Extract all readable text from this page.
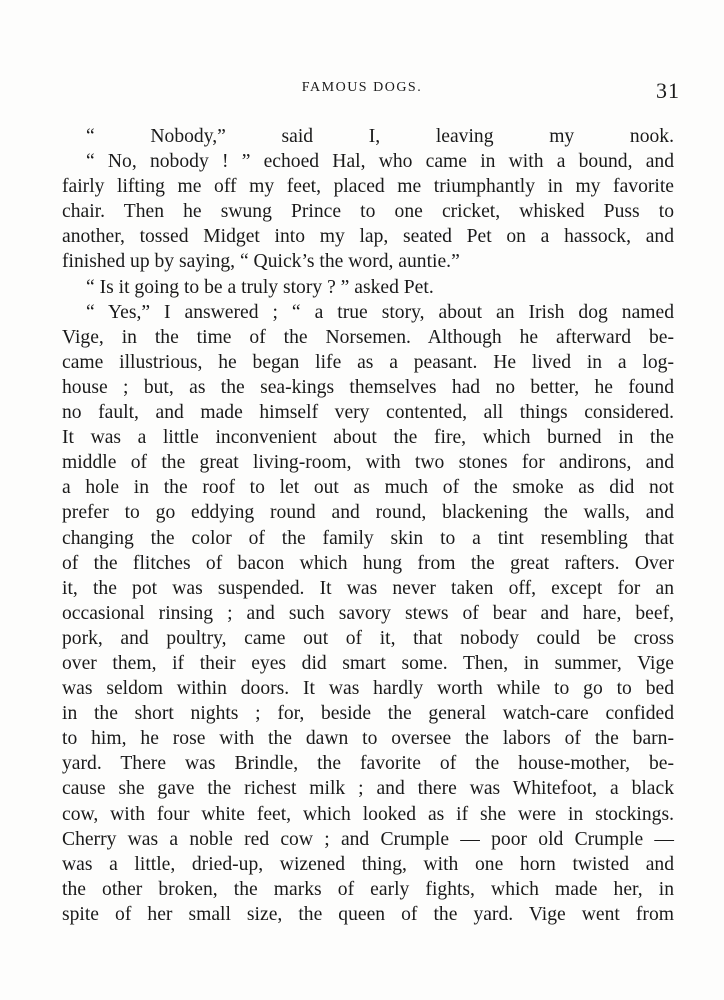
FAMOUS DOGS.	31
“ Nobody,” said I, leaving my nook.
“ No, nobody ! ” echoed Hal, who came in with a bound, and
fairly lifting me off my feet, placed me triumphantly in my favorite
chair. Then he swung Prince to one cricket, whisked Puss to
another, tossed Midget into my lap, seated Pet on a hassock, and
finished up by saying, “ Quick’s the word, auntie.”
“ Is it going to be a truly story ? ” asked Pet.
“ Yes,” I answered ; “ a true story, about an Irish dog named
Vige, in the time of the Norsemen. Although he afterward be-
came illustrious, he began life as a peasant. He lived in a log-
house ; but, as the sea-kings themselves had no better, he found
no fault, and made himself very contented, all things considered.
It was a little inconvenient about the fire, which burned in the
middle of the great living-room, with two stones for andirons, and
a hole in the roof to let out as much of the smoke as did not
prefer to go eddying round and round, blackening the walls, and
changing the color of the family skin to a tint resembling that
of the flitches of bacon which hung from the great rafters. Over
it, the pot was suspended. It was never taken off, except for an
occasional rinsing ; and such savory stews of bear and hare, beef,
pork, and poultry, came out of it, that nobody could be cross
over them, if their eyes did smart some. Then, in summer, Vige
was seldom within doors. It was hardly worth while to go to bed
in the short nights ; for, beside the general watch-care confided
to him, he rose with the dawn to oversee the labors of the barn-
yard. There was Brindle, the favorite of the house-mother, be-
cause she gave the richest milk ; and there was Whitefoot, a black
cow, with four white feet, which looked as if she were in stockings.
Cherry was a noble red cow ; and Crumple — poor old Crumple —
was a little, dried-up, wizened thing, with one horn twisted and
the other broken, the marks of early fights, which made her, in
spite of her small size, the queen of the yard. Vige went from
